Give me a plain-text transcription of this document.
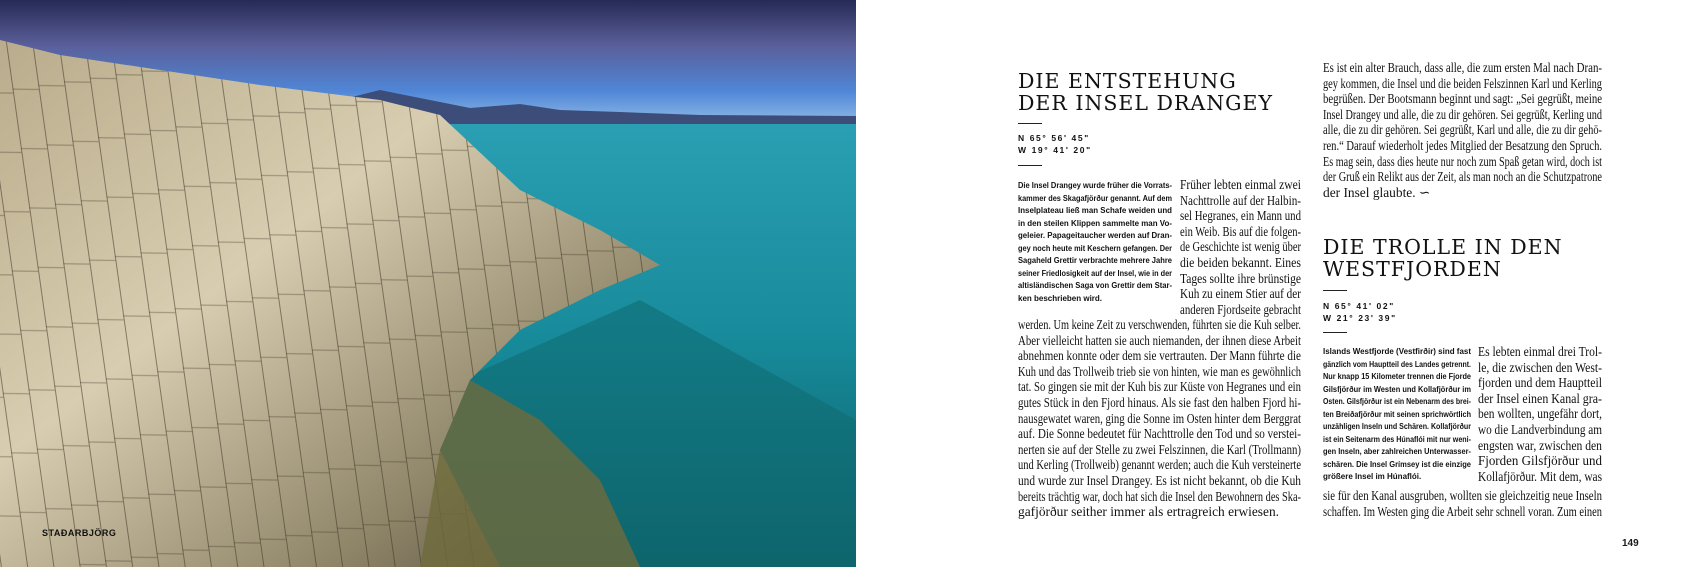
STAÐARBJÖRG
DIE ENTSTEHUNG
DER INSEL DRANGEY
N 65° 56' 45"
W 19° 41' 20"
Die Insel Drangey wurde früher die Vorrats-
kammer des Skagafjörður genannt. Auf dem
Inselplateau ließ man Schafe weiden und
in den steilen Klippen sammelte man Vo-
geleier. Papageitaucher werden auf Dran-
gey noch heute mit Keschern gefangen. Der
Sagaheld Grettir verbrachte mehrere Jahre
seiner Friedlosigkeit auf der Insel, wie in der
altisländischen Saga von Grettir dem Star-
ken beschrieben wird.
Früher lebten einmal zwei
Nachttrolle auf der Halbin-
sel Hegranes, ein Mann und
ein Weib. Bis auf die folgen-
de Geschichte ist wenig über
die beiden bekannt. Eines
Tages sollte ihre brünstige
Kuh zu einem Stier auf der
anderen Fjordseite gebracht
werden. Um keine Zeit zu verschwenden, führten sie die Kuh selber.
Aber vielleicht hatten sie auch niemanden, der ihnen diese Arbeit
abnehmen konnte oder dem sie vertrauten. Der Mann führte die
Kuh und das Trollweib trieb sie von hinten, wie man es gewöhnlich
tat. So gingen sie mit der Kuh bis zur Küste von Hegranes und ein
gutes Stück in den Fjord hinaus. Als sie fast den halben Fjord hi-
nausgewatet waren, ging die Sonne im Osten hinter dem Berggrat
auf. Die Sonne bedeutet für Nachttrolle den Tod und so verstei-
nerten sie auf der Stelle zu zwei Felszinnen, die Karl (Trollmann)
und Kerling (Trollweib) genannt werden; auch die Kuh versteinerte
und wurde zur Insel Drangey. Es ist nicht bekannt, ob die Kuh
bereits trächtig war, doch hat sich die Insel den Bewohnern des Ska-
gafjörður seither immer als ertragreich erwiesen.
Es ist ein alter Brauch, dass alle, die zum ersten Mal nach Dran-
gey kommen, die Insel und die beiden Felszinnen Karl und Kerling
begrüßen. Der Bootsmann beginnt und sagt: „Sei gegrüßt, meine
Insel Drangey und alle, die zu dir gehören. Sei gegrüßt, Kerling und
alle, die zu dir gehören. Sei gegrüßt, Karl und alle, die zu dir gehö-
ren.“ Darauf wiederholt jedes Mitglied der Besatzung den Spruch.
Es mag sein, dass dies heute nur noch zum Spaß getan wird, doch ist
der Gruß ein Relikt aus der Zeit, als man noch an die Schutzpatrone
der Insel glaubte. ∽
DIE TROLLE IN DEN
WESTFJORDEN
N 65° 41' 02"
W 21° 23' 39"
Islands Westfjorde (Vestfirðir) sind fast
gänzlich vom Hauptteil des Landes getrennt.
Nur knapp 15 Kilometer trennen die Fjorde
Gilsfjörður im Westen und Kollafjörður im
Osten. Gilsfjörður ist ein Nebenarm des brei-
ten Breiðafjörður mit seinen sprichwörtlich
unzähligen Inseln und Schären. Kollafjörður
ist ein Seitenarm des Húnaflói mit nur weni-
gen Inseln, aber zahlreichen Unterwasser-
schären. Die Insel Grímsey ist die einzige
größere Insel im Húnaflói.
Es lebten einmal drei Trol-
le, die zwischen den West-
fjorden und dem Hauptteil
der Insel einen Kanal gra-
ben wollten, ungefähr dort,
wo die Landverbindung am
engsten war, zwischen den
Fjorden Gilsfjörður und
Kollafjörður. Mit dem, was
sie für den Kanal ausgruben, wollten sie gleichzeitig neue Inseln
schaffen. Im Westen ging die Arbeit sehr schnell voran. Zum einen
149
